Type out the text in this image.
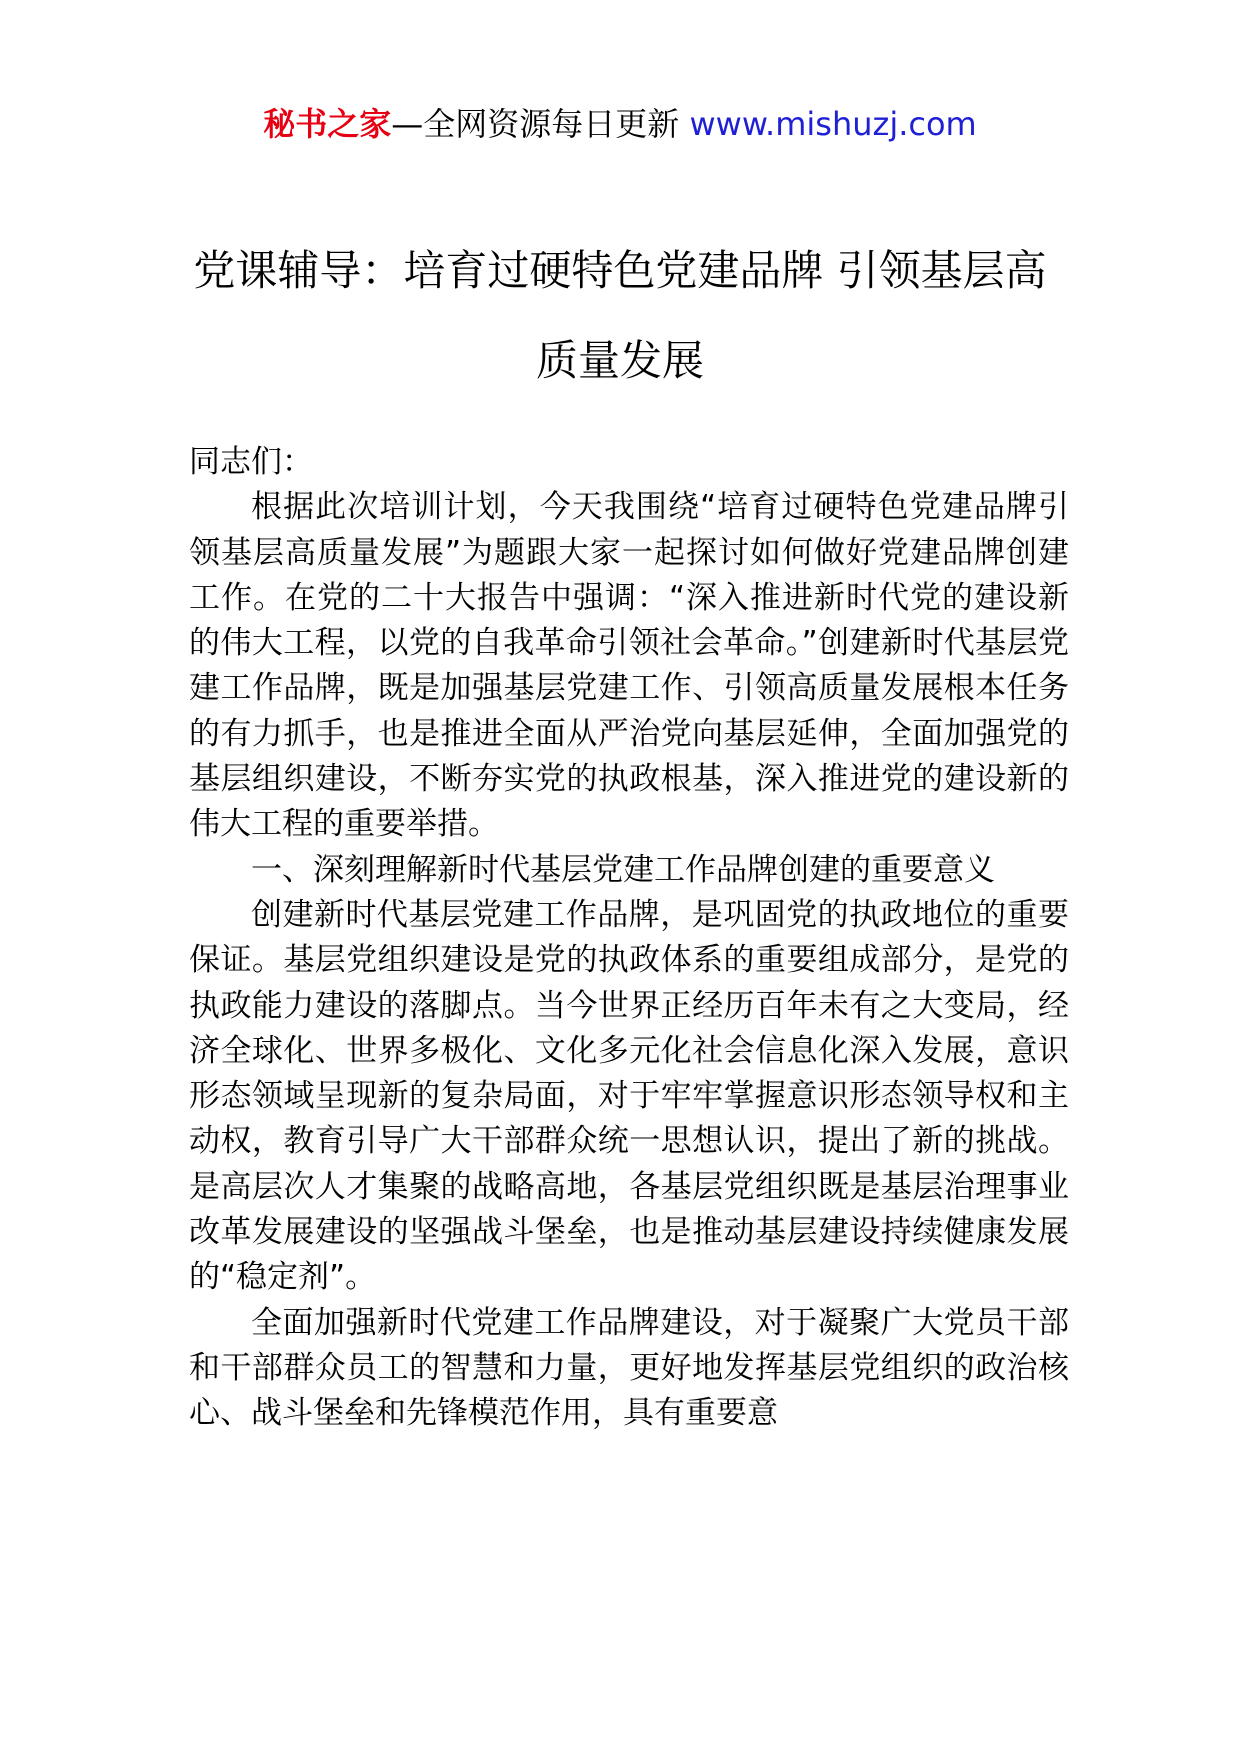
秘书之家—全网资源每日更新 www.mishuzj.com
党课辅导：培育过硬特色党建品牌 引领基层高质量发展

同志们：

根据此次培训计划，今天我围绕“培育过硬特色党建品牌引领基层高质量发展”为题跟大家一起探讨如何做好党建品牌创建工作。在党的二十大报告中强调：“深入推进新时代党的建设新的伟大工程，以党的自我革命引领社会革命。”创建新时代基层党建工作品牌，既是加强基层党建工作、引领高质量发展根本任务的有力抓手，也是推进全面从严治党向基层延伸，全面加强党的基层组织建设，不断夯实党的执政根基，深入推进党的建设新的伟大工程的重要举措。

一、深刻理解新时代基层党建工作品牌创建的重要意义

创建新时代基层党建工作品牌，是巩固党的执政地位的重要保证。基层党组织建设是党的执政体系的重要组成部分，是党的执政能力建设的落脚点。当今世界正经历百年未有之大变局，经济全球化、世界多极化、文化多元化社会信息化深入发展，意识形态领域呈现新的复杂局面，对于牢牢掌握意识形态领导权和主动权，教育引导广大干部群众统一思想认识，提出了新的挑战。是高层次人才集聚的战略高地，各基层党组织既是基层治理事业改革发展建设的坚强战斗堡垒，也是推动基层建设持续健康发展的“稳定剂”。

全面加强新时代党建工作品牌建设，对于凝聚广大党员干部和干部群众员工的智慧和力量，更好地发挥基层党组织的政治核心、战斗堡垒和先锋模范作用，具有重要意
